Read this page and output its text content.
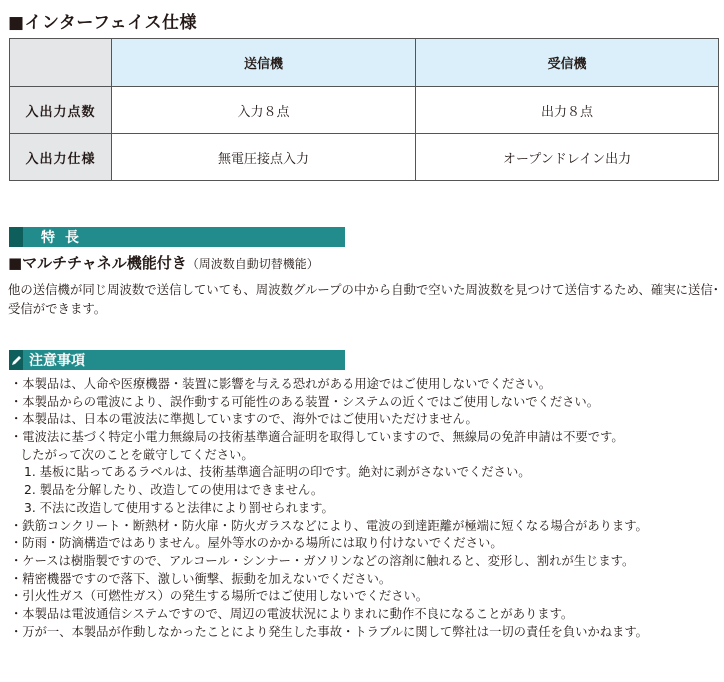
■インターフェイス仕様
	送信機	受信機
入出力点数	入力８点	出力８点
入出力仕様	無電圧接点入力	オープンドレイン出力
特長
■マルチチャネル機能付き（周波数自動切替機能）
他の送信機が同じ周波数で送信していても、周波数グループの中から自動で空いた周波数を見つけて送信するため、確実に送信･受信ができます。
注意事項
・本製品は、人命や医療機器・装置に影響を与える恐れがある用途ではご使用しないでください。
・本製品からの電波により、誤作動する可能性のある装置・システムの近くではご使用しないでください。
・本製品は、日本の電波法に準拠していますので、海外ではご使用いただけません。
・電波法に基づく特定小電力無線局の技術基準適合証明を取得していますので、無線局の免許申請は不要です。
したがって次のことを厳守してください。
1. 基板に貼ってあるラベルは、技術基準適合証明の印です。絶対に剥がさないでください。
2. 製品を分解したり、改造しての使用はできません。
3. 不法に改造して使用すると法律により罰せられます。
・鉄筋コンクリート・断熱材・防火扉・防火ガラスなどにより、電波の到達距離が極端に短くなる場合があります。
・防雨・防滴構造ではありません。屋外等水のかかる場所には取り付けないでください。
・ケースは樹脂製ですので、アルコール・シンナー・ガソリンなどの溶剤に触れると、変形し、割れが生じます。
・精密機器ですので落下、激しい衝撃、振動を加えないでください。
・引火性ガス（可燃性ガス）の発生する場所ではご使用しないでください。
・本製品は電波通信システムですので、周辺の電波状況によりまれに動作不良になることがあります。
・万が一、本製品が作動しなかったことにより発生した事故・トラブルに関して弊社は一切の責任を負いかねます。
